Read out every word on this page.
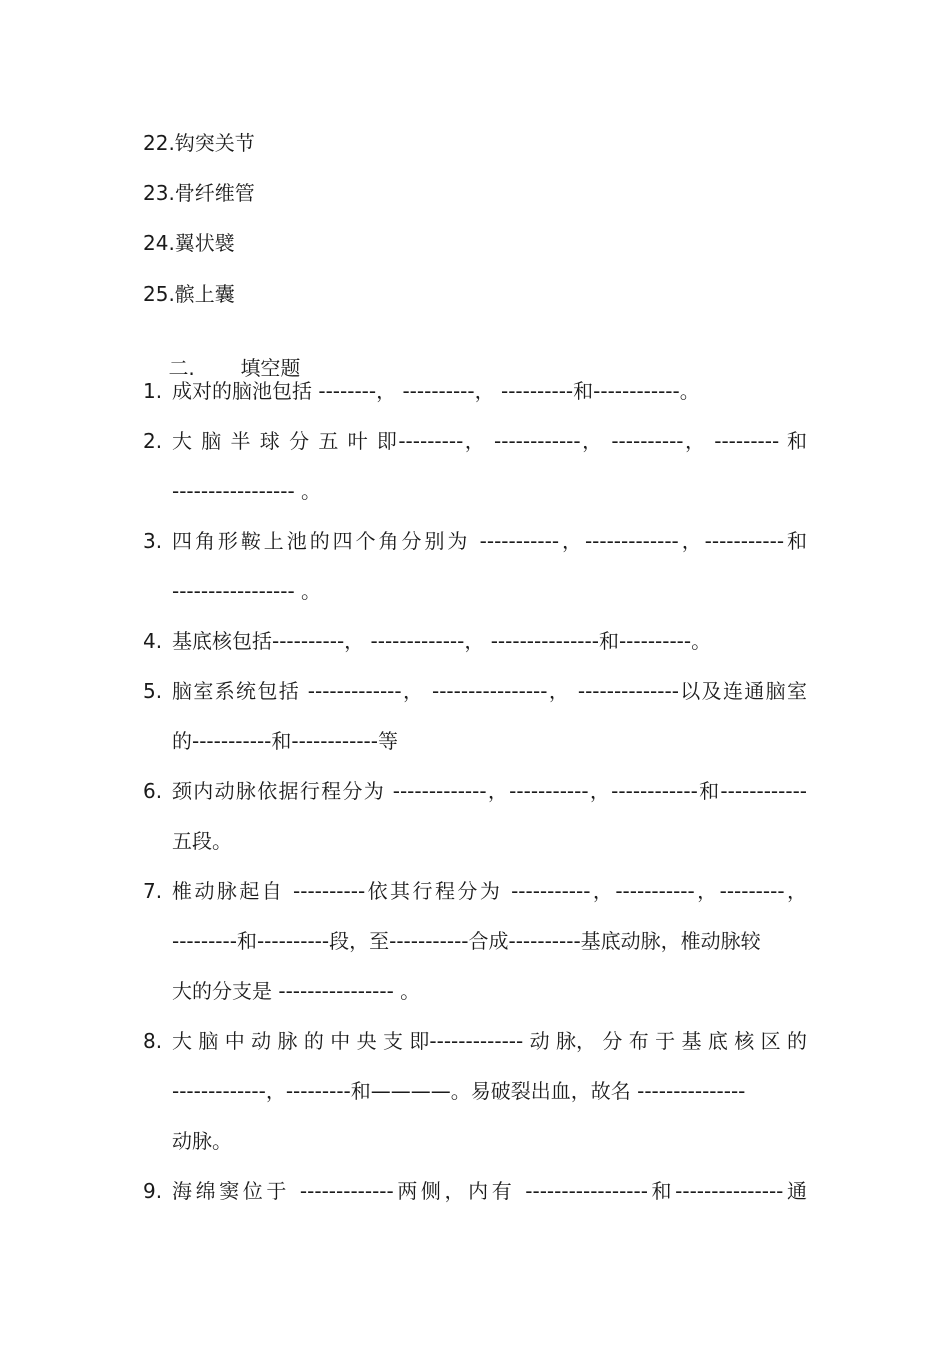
22.钩突关节
23.骨纤维管
24.翼状襞
25.髌上囊

二. 填空题

1. 成对的脑池包括 --------， ----------， ----------和------------。
2. 大 脑 半 球 分 五 叶 即---------， ------------， ----------， --------- 和
----------------- 。
3. 四角形鞍上池的四个角分别为 -----------，-------------，-----------和
----------------- 。
4. 基底核包括----------， -------------， ---------------和----------。
5. 脑室系统包括 -------------， ----------------， --------------以及连通脑室
的-----------和------------等
6. 颈内动脉依据行程分为 -------------，-----------，------------和------------
五段。
7. 椎动脉起自 ----------依其行程分为 -----------，-----------，---------，
---------和----------段，至-----------合成----------基底动脉，椎动脉较
大的分支是 ---------------- 。
8. 大 脑 中 动 脉 的 中 央 支 即------------- 动 脉， 分 布 于 基 底 核 区 的
-------------，---------和————。易破裂出血，故名 ---------------
动脉。
9. 海绵窦位于 -------------两侧，内有 -----------------和---------------通
